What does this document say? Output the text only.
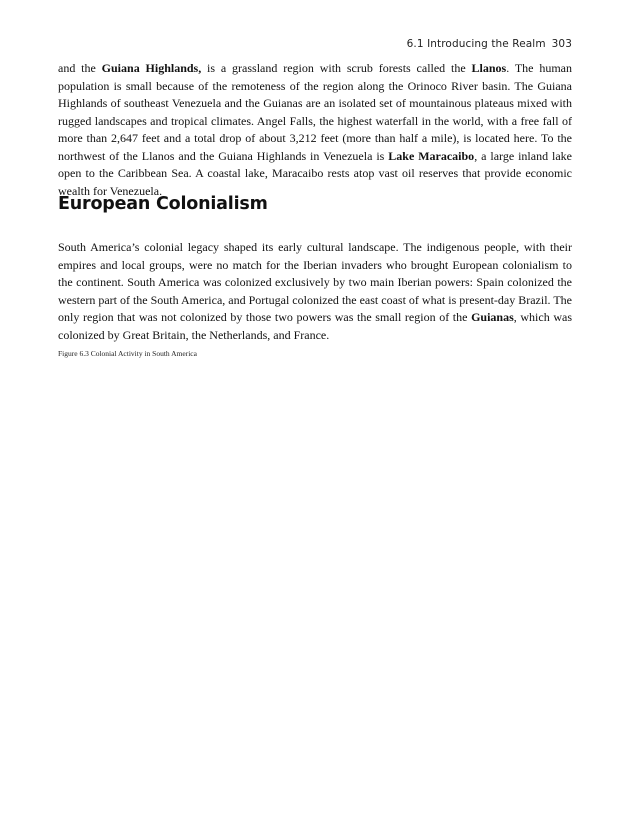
6.1 Introducing the Realm 303

and the Guiana Highlands, is a grassland region with scrub forests called the Llanos. The human population is small because of the remoteness of the region along the Orinoco River basin. The Guiana Highlands of southeast Venezuela and the Guianas are an isolated set of mountainous plateaus mixed with rugged landscapes and tropical climates. Angel Falls, the highest waterfall in the world, with a free fall of more than 2,647 feet and a total drop of about 3,212 feet (more than half a mile), is located here. To the northwest of the Llanos and the Guiana Highlands in Venezuela is Lake Maracaibo, a large inland lake open to the Caribbean Sea. A coastal lake, Maracaibo rests atop vast oil reserves that provide economic wealth for Venezuela.

European Colonialism

South America’s colonial legacy shaped its early cultural landscape. The indigenous people, with their empires and local groups, were no match for the Iberian invaders who brought European colonialism to the continent. South America was colonized exclusively by two main Iberian powers: Spain colonized the western part of the South America, and Portugal colonized the east coast of what is present-day Brazil. The only region that was not colonized by those two powers was the small region of the Guianas, which was colonized by Great Britain, the Netherlands, and France.

Figure 6.3 Colonial Activity in South America
